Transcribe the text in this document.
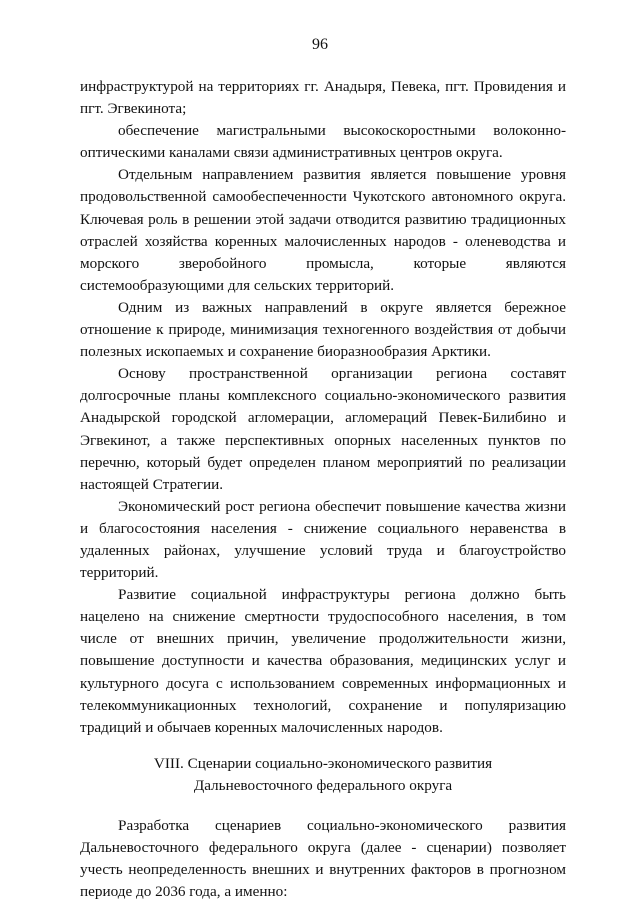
96

инфраструктурой на территориях гг. Анадыря, Певека, пгт. Провидения и пгт. Эгвекинота;

обеспечение магистральными высокоскоростными волоконно-оптическими каналами связи административных центров округа.

Отдельным направлением развития является повышение уровня продовольственной самообеспеченности Чукотского автономного округа. Ключевая роль в решении этой задачи отводится развитию традиционных отраслей хозяйства коренных малочисленных народов - оленеводства и морского зверобойного промысла, которые являются системообразующими для сельских территорий.

Одним из важных направлений в округе является бережное отношение к природе, минимизация техногенного воздействия от добычи полезных ископаемых и сохранение биоразнообразия Арктики.

Основу пространственной организации региона составят долгосрочные планы комплексного социально-экономического развития Анадырской городской агломерации, агломераций Певек-Билибино и Эгвекинот, а также перспективных опорных населенных пунктов по перечню, который будет определен планом мероприятий по реализации настоящей Стратегии.

Экономический рост региона обеспечит повышение качества жизни и благосостояния населения - снижение социального неравенства в удаленных районах, улучшение условий труда и благоустройство территорий.

Развитие социальной инфраструктуры региона должно быть нацелено на снижение смертности трудоспособного населения, в том числе от внешних причин, увеличение продолжительности жизни, повышение доступности и качества образования, медицинских услуг и культурного досуга с использованием современных информационных и телекоммуникационных технологий, сохранение и популяризацию традиций и обычаев коренных малочисленных народов.

VIII. Сценарии социально-экономического развития
Дальневосточного федерального округа

Разработка сценариев социально-экономического развития Дальневосточного федерального округа (далее - сценарии) позволяет учесть неопределенность внешних и внутренних факторов в прогнозном периоде до 2036 года, а именно:
